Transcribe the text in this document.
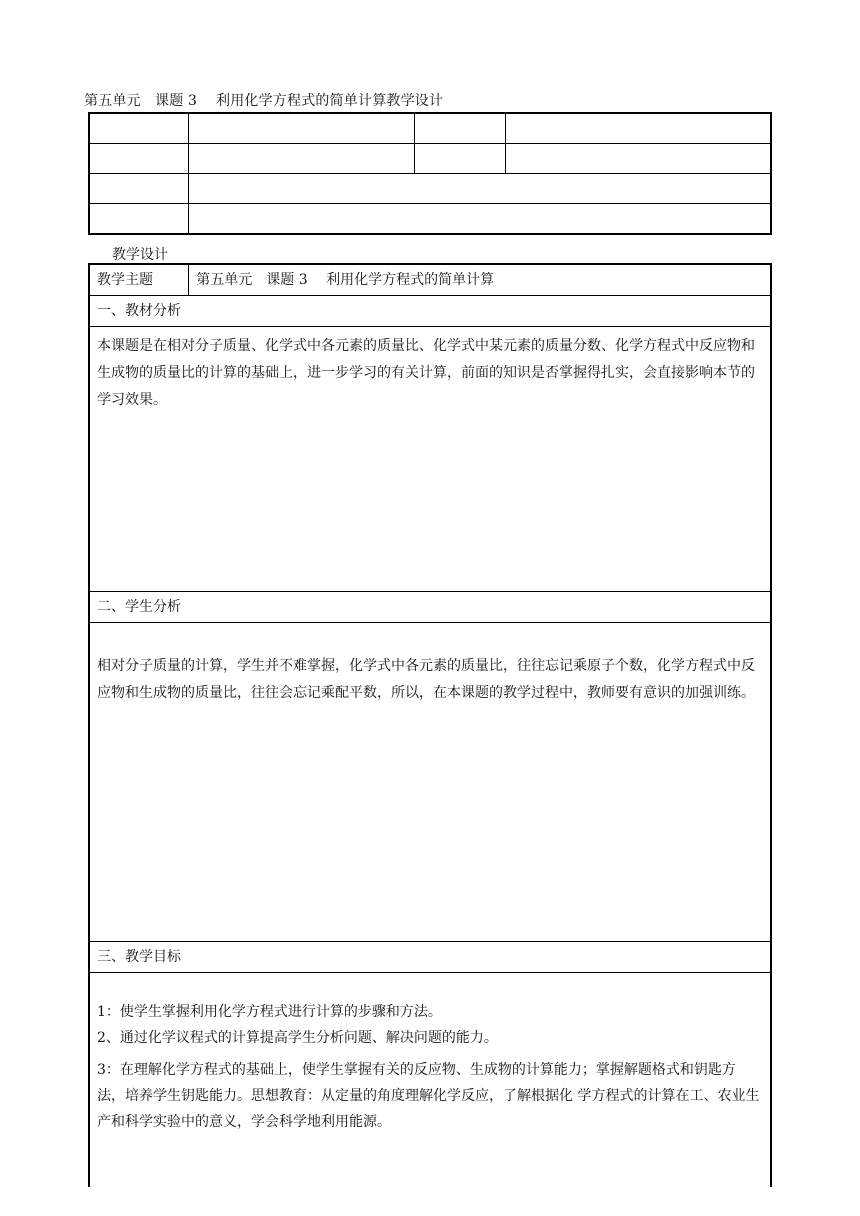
第五单元　课题 3　 利用化学方程式的简单计算教学设计

教学设计
教学主题	第五单元　课题 3　 利用化学方程式的简单计算
一、教材分析

本课题是在相对分子质量、化学式中各元素的质量比、化学式中某元素的质量分数、化学方程式中反应物和生成物的质量比的计算的基础上，进一步学习的有关计算，前面的知识是否掌握得扎实，会直接影响本节的学习效果。

二、学生分析

相对分子质量的计算，学生并不难掌握，化学式中各元素的质量比，往往忘记乘原子个数，化学方程式中反应物和生成物的质量比，往往会忘记乘配平数，所以，在本课题的教学过程中，教师要有意识的加强训练。

三、教学目标

1：使学生掌握利用化学方程式进行计算的步骤和方法。

2、通过化学议程式的计算提高学生分析问题、解决问题的能力。

3：在理解化学方程式的基础上，使学生掌握有关的反应物、生成物的计算能力；掌握解题格式和钥匙方法，培养学生钥匙能力。思想教育：从定量的角度理解化学反应，了解根据化 学方程式的计算在工、农业生产和科学实验中的意义，学会科学地利用能源。
